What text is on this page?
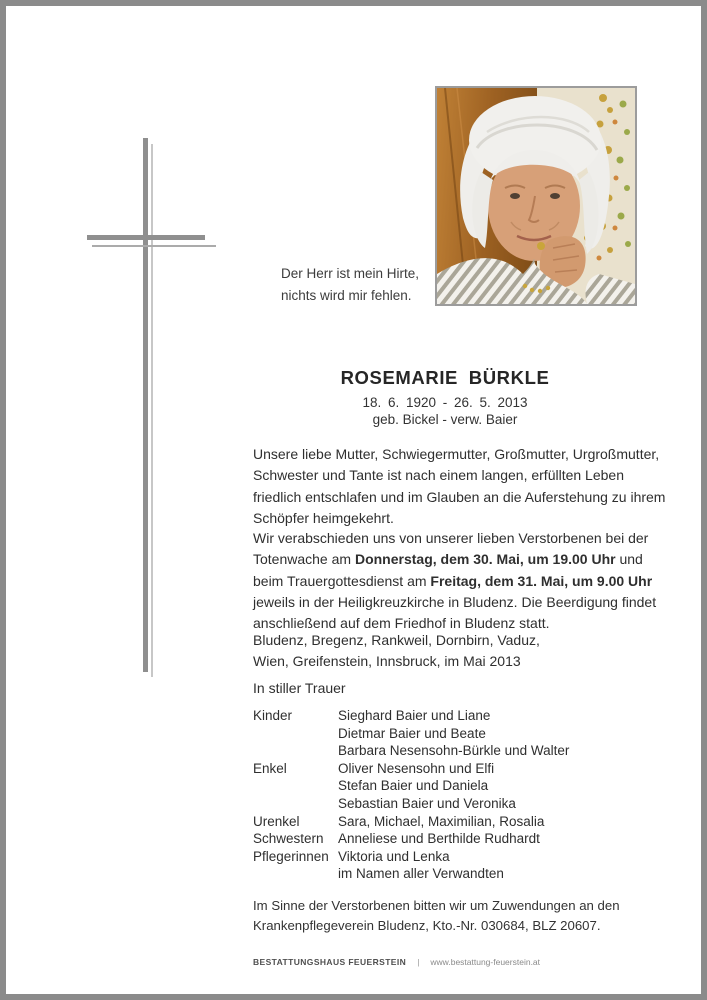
Der Herr ist mein Hirte,
nichts wird mir fehlen.
ROSEMARIE BÜRKLE
18. 6. 1920 - 26. 5. 2013
geb. Bickel - verw. Baier

Unsere liebe Mutter, Schwiegermutter, Großmutter, Urgroßmutter, Schwester und Tante ist nach einem langen, erfüllten Leben friedlich entschlafen und im Glauben an die Auferstehung zu ihrem Schöpfer heimgekehrt.

Wir verabschieden uns von unserer lieben Verstorbenen bei der Totenwache am Donnerstag, dem 30. Mai, um 19.00 Uhr und beim Trauergottesdienst am Freitag, dem 31. Mai, um 9.00 Uhr jeweils in der Heiligkreuzkirche in Bludenz. Die Beerdigung findet anschließend auf dem Friedhof in Bludenz statt.

Bludenz, Bregenz, Rankweil, Dornbirn, Vaduz,
Wien, Greifenstein, Innsbruck, im Mai 2013
In stiller Trauer
Kinder	Sieghard Baier und Liane
Dietmar Baier und Beate
Barbara Nesensohn-Bürkle und Walter
Enkel	Oliver Nesensohn und Elfi
Stefan Baier und Daniela
Sebastian Baier und Veronika
Urenkel	Sara, Michael, Maximilian, Rosalia
Schwestern	Anneliese und Berthilde Rudhardt
Pflegerinnen Viktoria und Lenka
im Namen aller Verwandten

Im Sinne der Verstorbenen bitten wir um Zuwendungen an den Krankenpflegeverein Bludenz, Kto.-Nr. 030684, BLZ 20607.

BESTATTUNGSHAUS FEUERSTEIN | www.bestattung-feuerstein.at
